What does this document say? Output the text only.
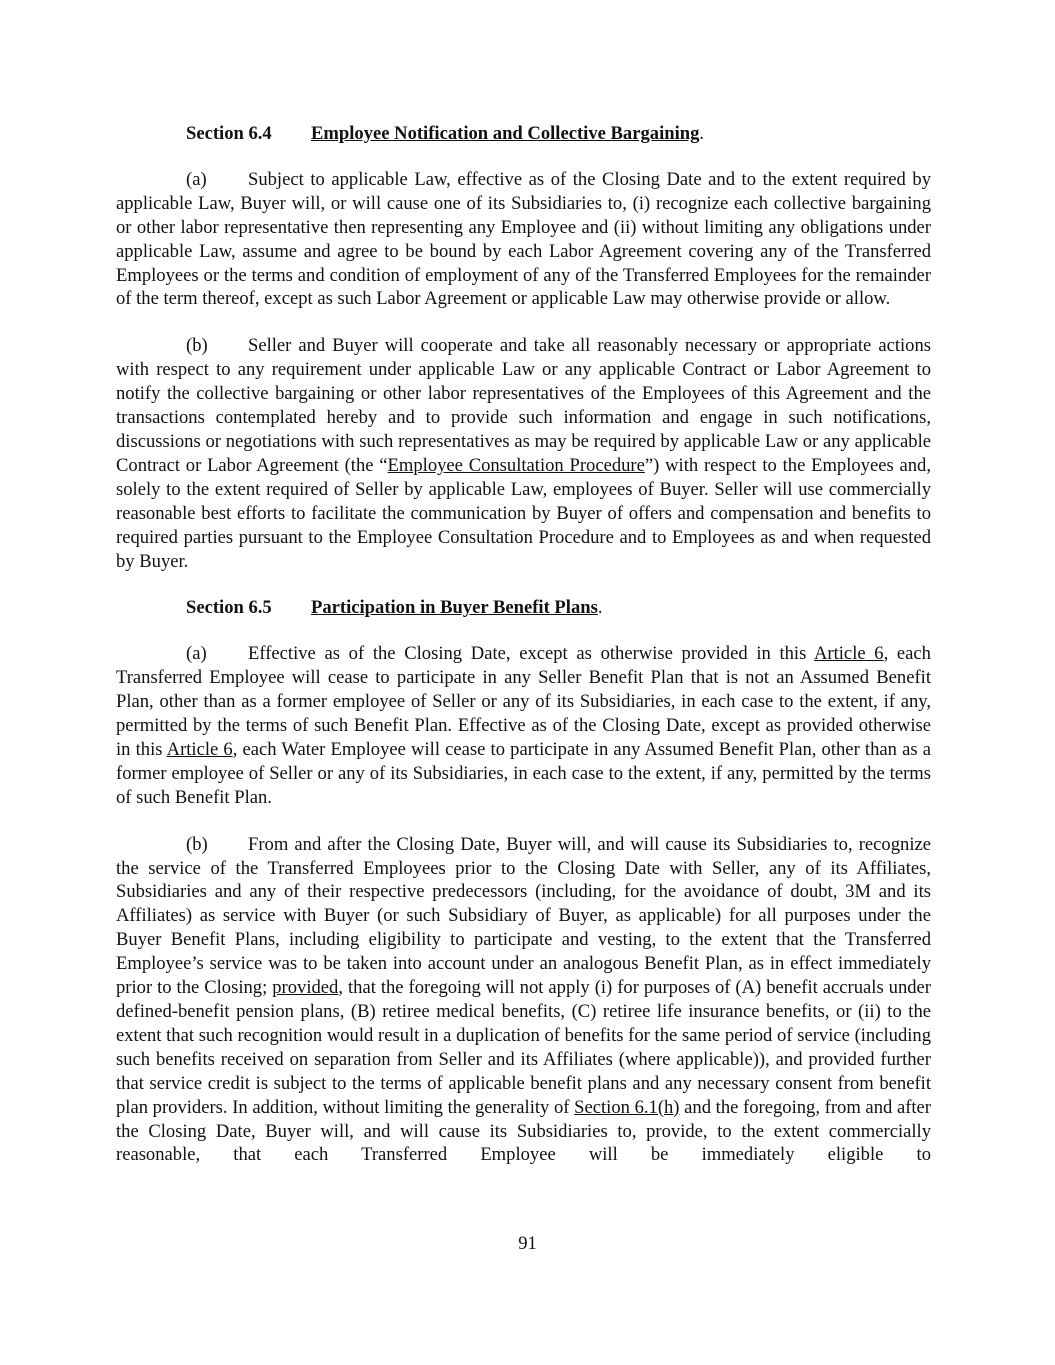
Section 6.4 Employee Notification and Collective Bargaining.

(a) Subject to applicable Law, effective as of the Closing Date and to the extent required by applicable Law, Buyer will, or will cause one of its Subsidiaries to, (i) recognize each collective bargaining or other labor representative then representing any Employee and (ii) without limiting any obligations under applicable Law, assume and agree to be bound by each Labor Agreement covering any of the Transferred Employees or the terms and condition of employment of any of the Transferred Employees for the remainder of the term thereof, except as such Labor Agreement or applicable Law may otherwise provide or allow.

(b) Seller and Buyer will cooperate and take all reasonably necessary or appropriate actions with respect to any requirement under applicable Law or any applicable Contract or Labor Agreement to notify the collective bargaining or other labor representatives of the Employees of this Agreement and the transactions contemplated hereby and to provide such information and engage in such notifications, discussions or negotiations with such representatives as may be required by applicable Law or any applicable Contract or Labor Agreement (the “Employee Consultation Procedure”) with respect to the Employees and, solely to the extent required of Seller by applicable Law, employees of Buyer. Seller will use commercially reasonable best efforts to facilitate the communication by Buyer of offers and compensation and benefits to required parties pursuant to the Employee Consultation Procedure and to Employees as and when requested by Buyer.

Section 6.5 Participation in Buyer Benefit Plans.

(a) Effective as of the Closing Date, except as otherwise provided in this Article 6, each Transferred Employee will cease to participate in any Seller Benefit Plan that is not an Assumed Benefit Plan, other than as a former employee of Seller or any of its Subsidiaries, in each case to the extent, if any, permitted by the terms of such Benefit Plan. Effective as of the Closing Date, except as provided otherwise in this Article 6, each Water Employee will cease to participate in any Assumed Benefit Plan, other than as a former employee of Seller or any of its Subsidiaries, in each case to the extent, if any, permitted by the terms of such Benefit Plan.

(b) From and after the Closing Date, Buyer will, and will cause its Subsidiaries to, recognize the service of the Transferred Employees prior to the Closing Date with Seller, any of its Affiliates, Subsidiaries and any of their respective predecessors (including, for the avoidance of doubt, 3M and its Affiliates) as service with Buyer (or such Subsidiary of Buyer, as applicable) for all purposes under the Buyer Benefit Plans, including eligibility to participate and vesting, to the extent that the Transferred Employee’s service was to be taken into account under an analogous Benefit Plan, as in effect immediately prior to the Closing; provided, that the foregoing will not apply (i) for purposes of (A) benefit accruals under defined-benefit pension plans, (B) retiree medical benefits, (C) retiree life insurance benefits, or (ii) to the extent that such recognition would result in a duplication of benefits for the same period of service (including such benefits received on separation from Seller and its Affiliates (where applicable)), and provided further that service credit is subject to the terms of applicable benefit plans and any necessary consent from benefit plan providers. In addition, without limiting the generality of Section 6.1(h) and the foregoing, from and after the Closing Date, Buyer will, and will cause its Subsidiaries to, provide, to the extent commercially reasonable, that each Transferred Employee will be immediately eligible to

91
